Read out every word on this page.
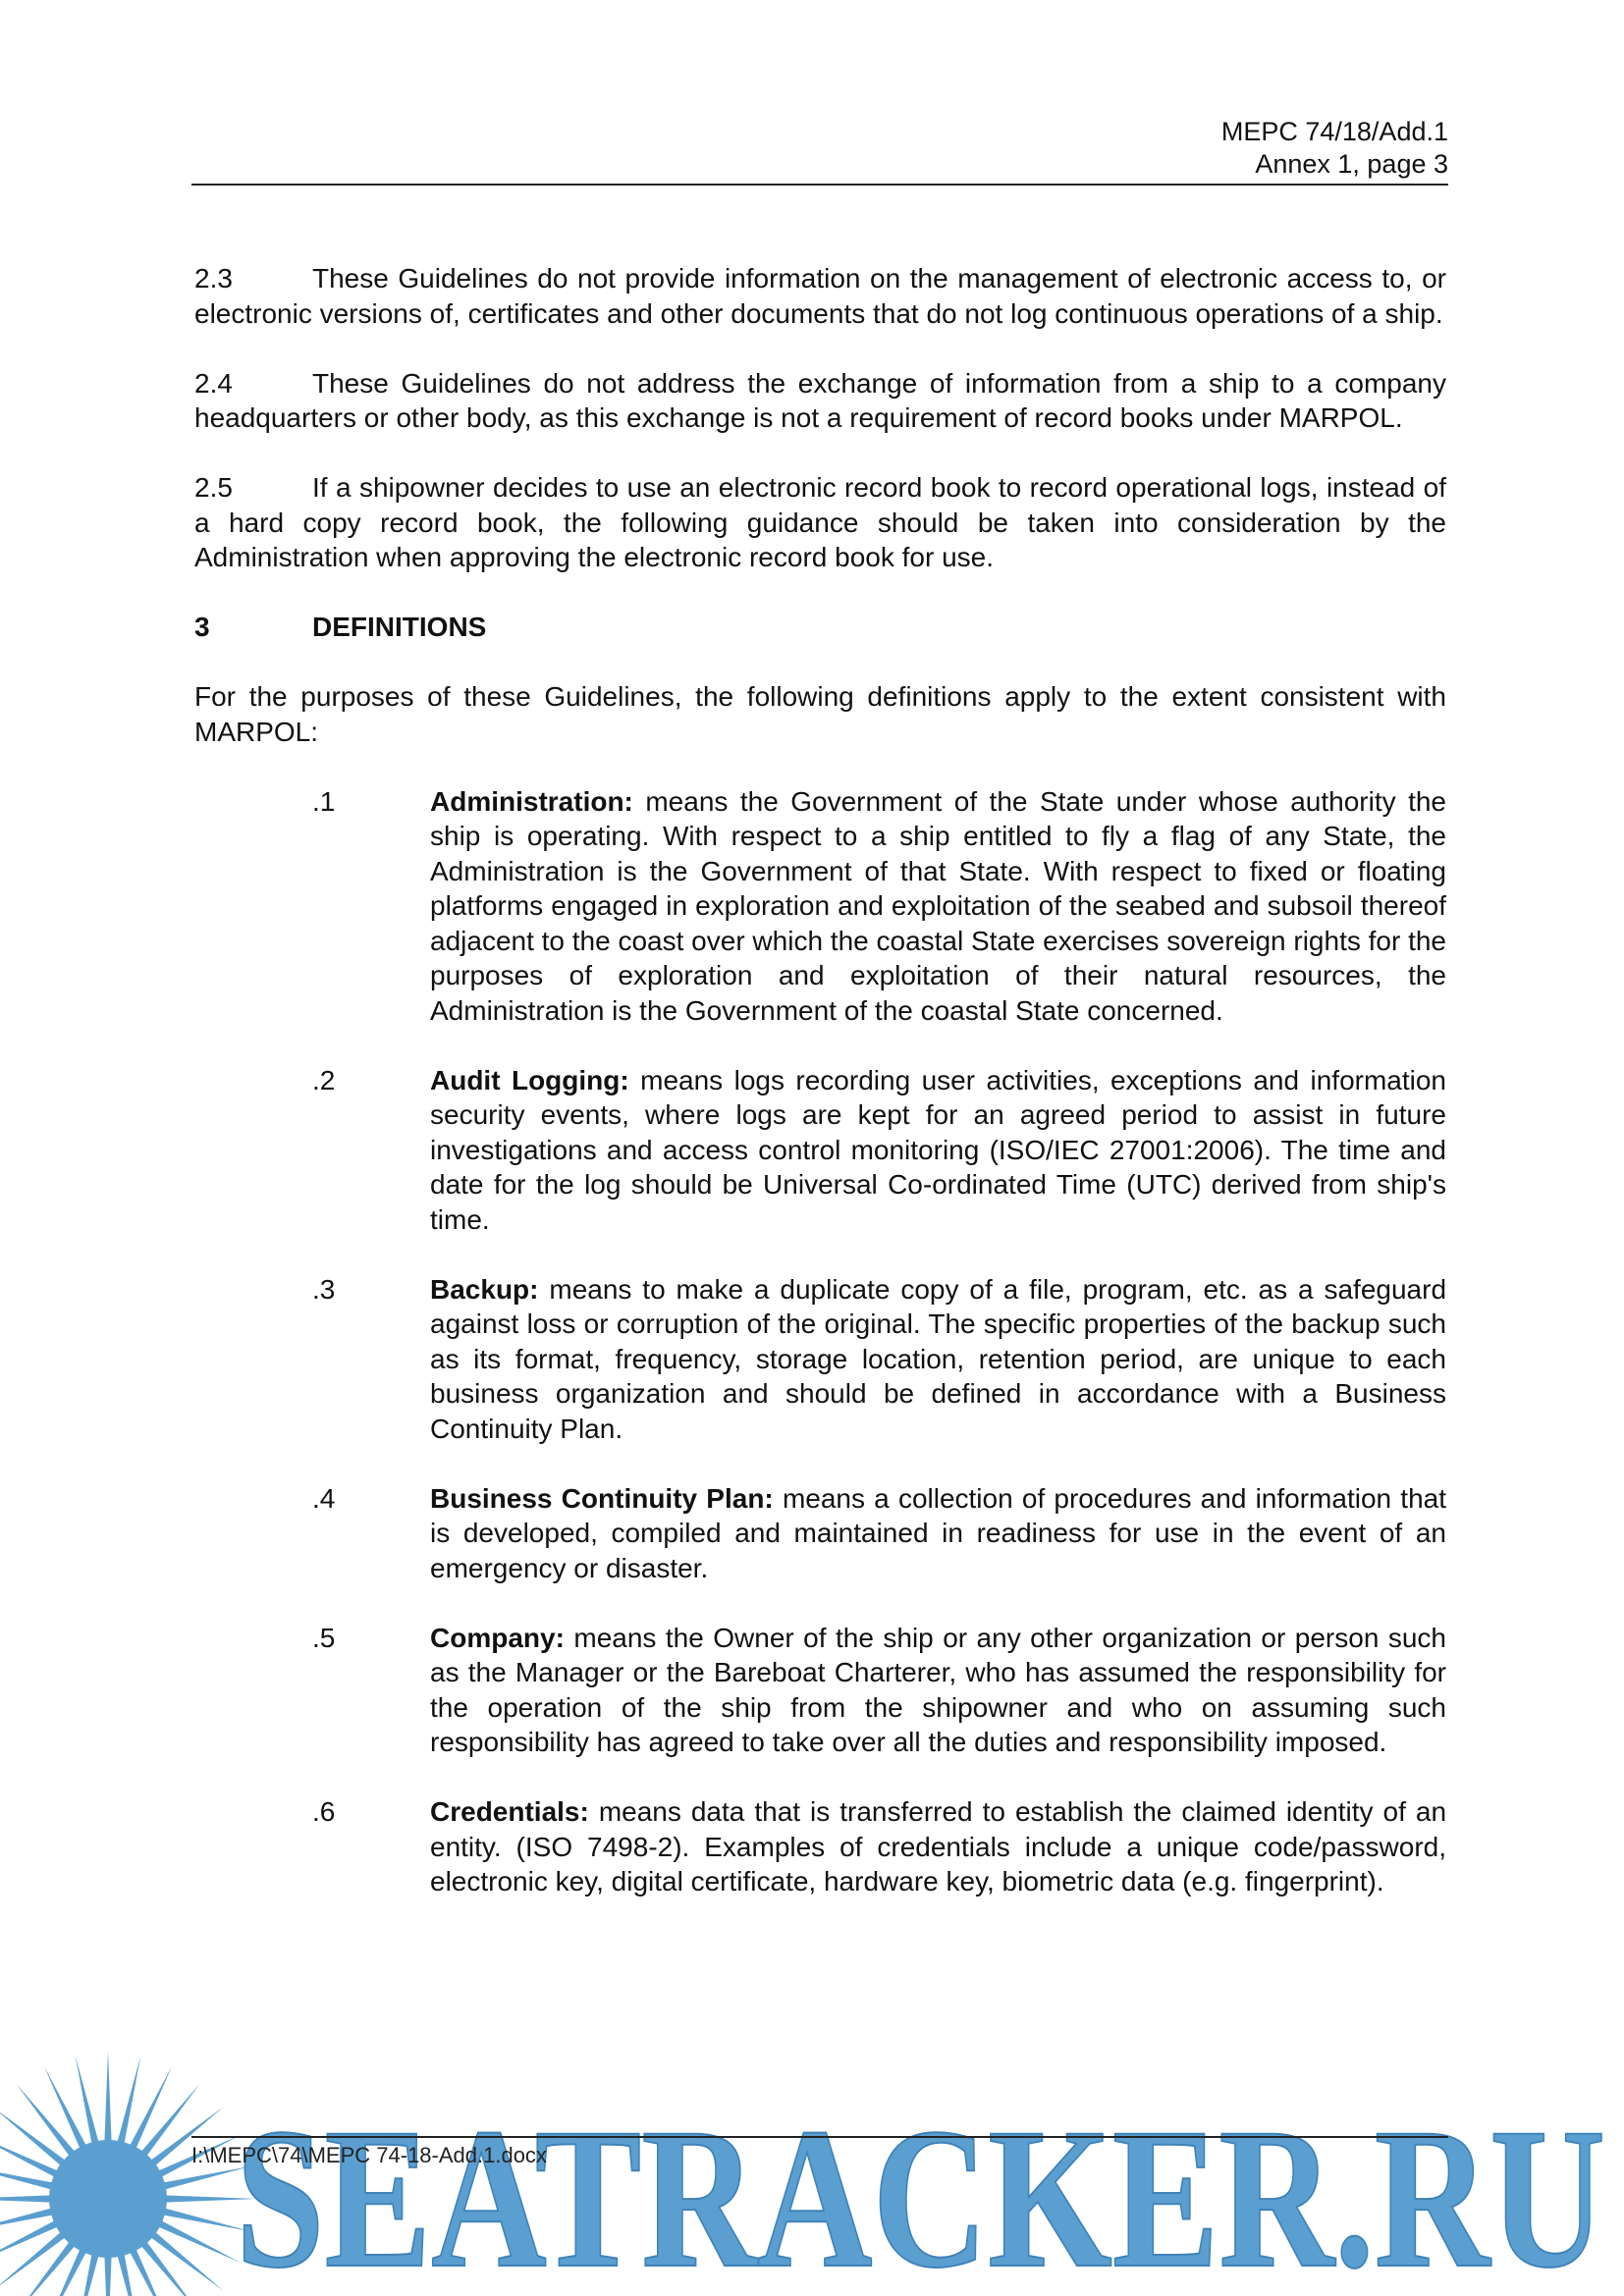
MEPC 74/18/Add.1
Annex 1, page 3

2.3	These Guidelines do not provide information on the management of electronic access to, or electronic versions of, certificates and other documents that do not log continuous operations of a ship.

2.4	These Guidelines do not address the exchange of information from a ship to a company headquarters or other body, as this exchange is not a requirement of record books under MARPOL.

2.5	If a shipowner decides to use an electronic record book to record operational logs, instead of a hard copy record book, the following guidance should be taken into consideration by the Administration when approving the electronic record book for use.

3	DEFINITIONS

For the purposes of these Guidelines, the following definitions apply to the extent consistent with MARPOL:

.1	Administration: means the Government of the State under whose authority the ship is operating. With respect to a ship entitled to fly a flag of any State, the Administration is the Government of that State. With respect to fixed or floating platforms engaged in exploration and exploitation of the seabed and subsoil thereof adjacent to the coast over which the coastal State exercises sovereign rights for the purposes of exploration and exploitation of their natural resources, the Administration is the Government of the coastal State concerned.
.2	Audit Logging: means logs recording user activities, exceptions and information security events, where logs are kept for an agreed period to assist in future investigations and access control monitoring (ISO/IEC 27001:2006). The time and date for the log should be Universal Co-ordinated Time (UTC) derived from ship's time.
.3	Backup: means to make a duplicate copy of a file, program, etc. as a safeguard against loss or corruption of the original. The specific properties of the backup such as its format, frequency, storage location, retention period, are unique to each business organization and should be defined in accordance with a Business Continuity Plan.
.4	Business Continuity Plan: means a collection of procedures and information that is developed, compiled and maintained in readiness for use in the event of an emergency or disaster.
.5	Company: means the Owner of the ship or any other organization or person such as the Manager or the Bareboat Charterer, who has assumed the responsibility for the operation of the ship from the shipowner and who on assuming such responsibility has agreed to take over all the duties and responsibility imposed.
.6	Credentials: means data that is transferred to establish the claimed identity of an entity. (ISO 7498-2). Examples of credentials include a unique code/password, electronic key, digital certificate, hardware key, biometric data (e.g. fingerprint).
SEATRACKER.RU
I:\MEPC\74\MEPC 74-18-Add.1.docx
